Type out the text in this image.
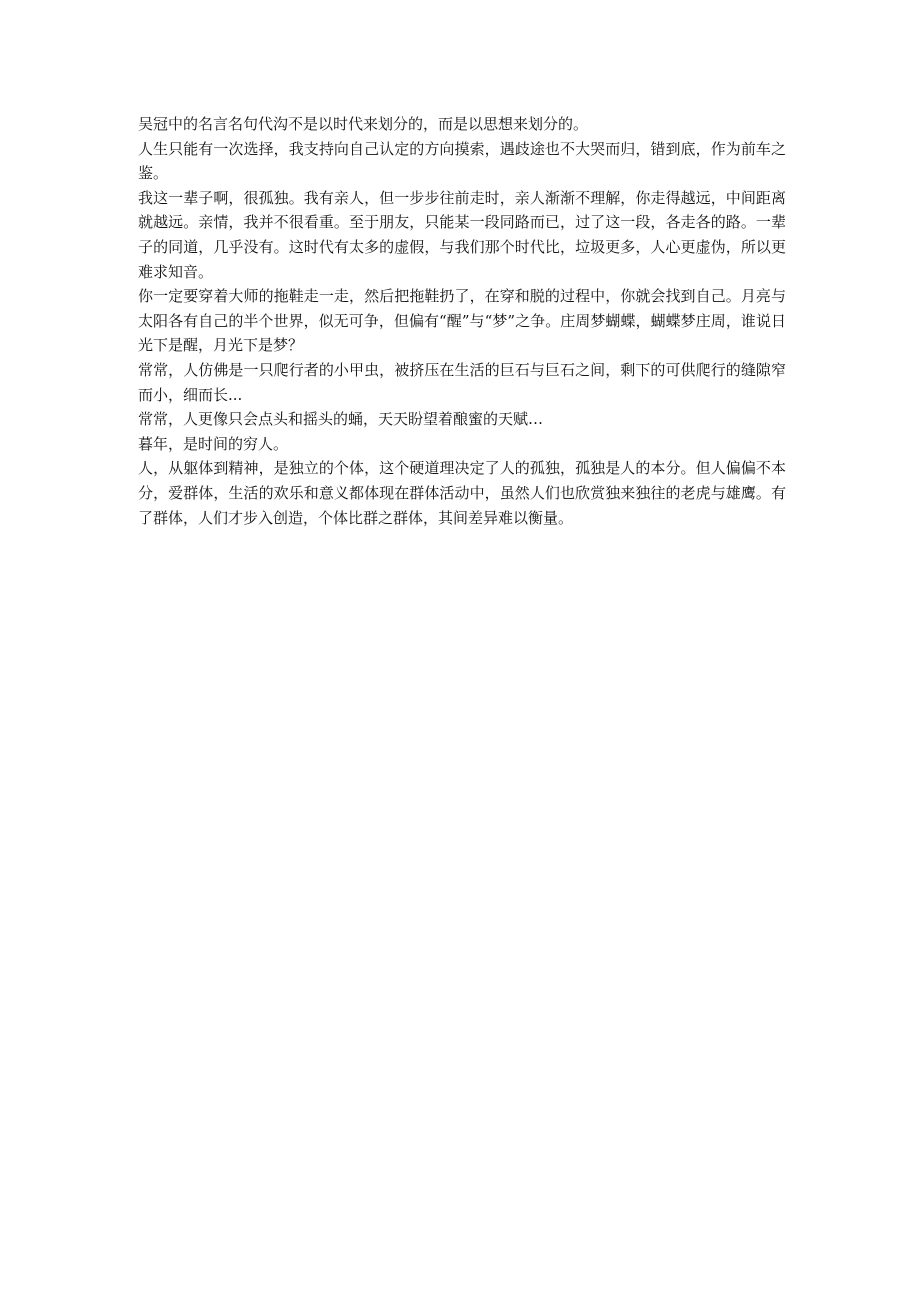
吴冠中的名言名句代沟不是以时代来划分的，而是以思想来划分的。

人生只能有一次选择，我支持向自己认定的方向摸索，遇歧途也不大哭而归，错到底，作为前车之鉴。

我这一辈子啊，很孤独。我有亲人，但一步步往前走时，亲人渐渐不理解，你走得越远，中间距离就越远。亲情，我并不很看重。至于朋友，只能某一段同路而已，过了这一段，各走各的路。一辈子的同道，几乎没有。这时代有太多的虚假，与我们那个时代比，垃圾更多，人心更虚伪，所以更难求知音。

你一定要穿着大师的拖鞋走一走，然后把拖鞋扔了，在穿和脱的过程中，你就会找到自己。月亮与太阳各有自己的半个世界，似无可争，但偏有“醒”与“梦”之争。庄周梦蝴蝶，蝴蝶梦庄周，谁说日光下是醒，月光下是梦？

常常，人仿佛是一只爬行者的小甲虫，被挤压在生活的巨石与巨石之间，剩下的可供爬行的缝隙窄而小，细而长...

常常，人更像只会点头和摇头的蛹，天天盼望着酿蜜的天赋…

暮年，是时间的穷人。

人，从躯体到精神，是独立的个体，这个硬道理决定了人的孤独，孤独是人的本分。但人偏偏不本分，爱群体，生活的欢乐和意义都体现在群体活动中，虽然人们也欣赏独来独往的老虎与雄鹰。有了群体，人们才步入创造，个体比群之群体，其间差异难以衡量。
